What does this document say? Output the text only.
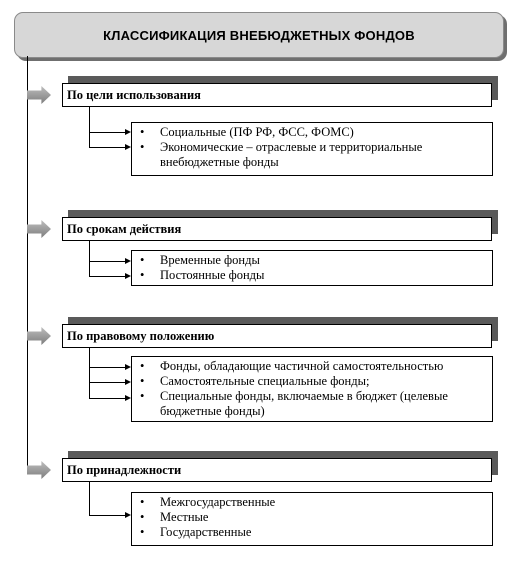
КЛАССИФИКАЦИЯ ВНЕБЮДЖЕТНЫХ ФОНДОВ
По цели использования
• Социальные (ПФ РФ, ФСС, ФОМС)
• Экономические – отраслевые и территориальные внебюджетные фонды
По срокам действия
• Временные фонды
• Постоянные фонды
По правовому положению
• Фонды, обладающие частичной самостоятельностью
• Самостоятельные специальные фонды;
• Специальные фонды, включаемые в бюджет (целевые бюджетные фонды)
По принадлежности
• Межгосударственные
• Местные
• Государственные
